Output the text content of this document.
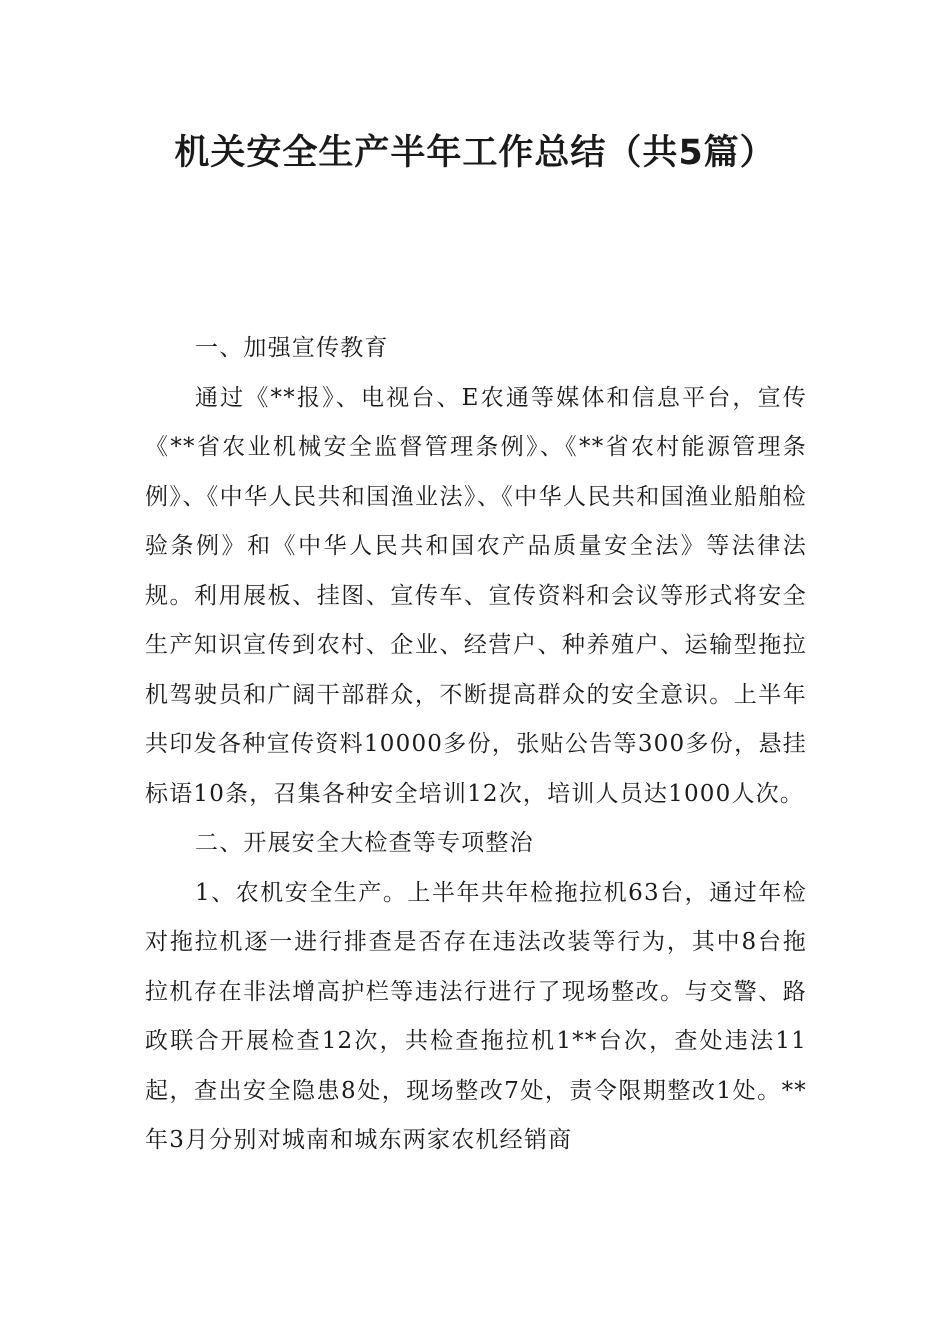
机关安全生产半年工作总结（共5篇）

一、加强宣传教育

通过《**报》、电视台、E农通等媒体和信息平台，宣传《**省农业机械安全监督管理条例》、《**省农村能源管理条例》、《中华人民共和国渔业法》、《中华人民共和国渔业船舶检验条例》和《中华人民共和国农产品质量安全法》等法律法规。利用展板、挂图、宣传车、宣传资料和会议等形式将安全生产知识宣传到农村、企业、经营户、种养殖户、运输型拖拉机驾驶员和广阔干部群众，不断提高群众的安全意识。上半年共印发各种宣传资料10000多份，张贴公告等300多份，悬挂标语10条，召集各种安全培训12次，培训人员达1000人次。

二、开展安全大检查等专项整治

1、农机安全生产。上半年共年检拖拉机63台，通过年检对拖拉机逐一进行排查是否存在违法改装等行为，其中8台拖拉机存在非法增高护栏等违法行进行了现场整改。与交警、路政联合开展检查12次，共检查拖拉机1**台次，查处违法11起，查出安全隐患8处，现场整改7处，责令限期整改1处。**年3月分别对城南和城东两家农机经销商
